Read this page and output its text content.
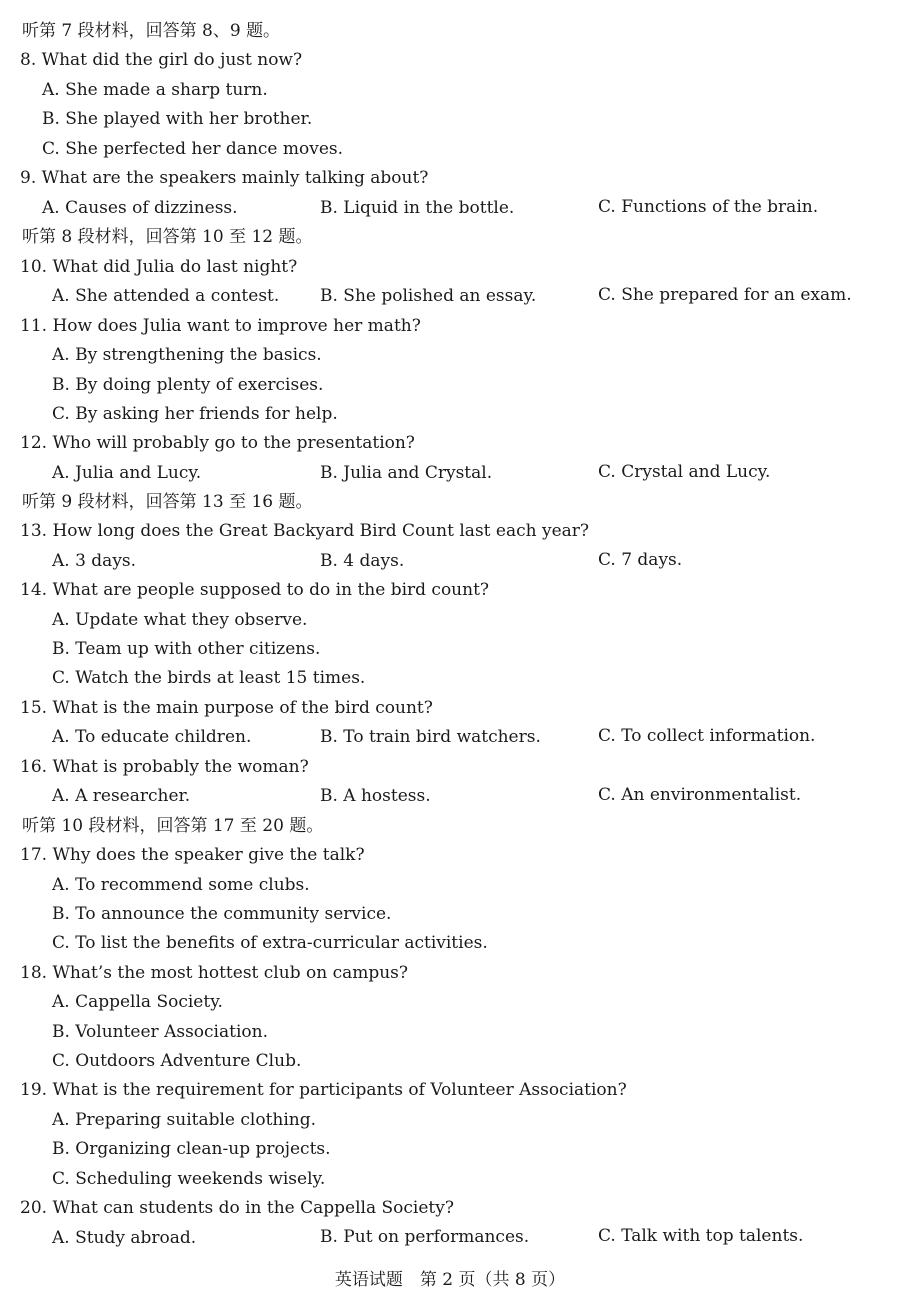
听第 7 段材料，回答第 8、9 题。
8. What did the girl do just now?
A. She made a sharp turn.
B. She played with her brother.
C. She perfected her dance moves.
9. What are the speakers mainly talking about?
A. Causes of dizziness.	B. Liquid in the bottle.	C. Functions of the brain.
听第 8 段材料，回答第 10 至 12 题。
10. What did Julia do last night?
A. She attended a contest. B. She polished an essay.	C. She prepared for an exam.
11. How does Julia want to improve her math?
A. By strengthening the basics.
B. By doing plenty of exercises.
C. By asking her friends for help.
12. Who will probably go to the presentation?
A. Julia and Lucy.	B. Julia and Crystal.	C. Crystal and Lucy.
听第 9 段材料，回答第 13 至 16 题。
13. How long does the Great Backyard Bird Count last each year?
A. 3 days.	B. 4 days.	C. 7 days.
14. What are people supposed to do in the bird count?
A. Update what they observe.
B. Team up with other citizens.
C. Watch the birds at least 15 times.
15. What is the main purpose of the bird count?
A. To educate children.	B. To train bird watchers.	C. To collect information.
16. What is probably the woman?
A. A researcher.	B. A hostess.	C. An environmentalist.
听第 10 段材料，回答第 17 至 20 题。
17. Why does the speaker give the talk?
A. To recommend some clubs.
B. To announce the community service.
C. To list the benefits of extra-curricular activities.
18. What’s the most hottest club on campus?
A. Cappella Society.
B. Volunteer Association.
C. Outdoors Adventure Club.
19. What is the requirement for participants of Volunteer Association?
A. Preparing suitable clothing.
B. Organizing clean-up projects.
C. Scheduling weekends wisely.
20. What can students do in the Cappella Society?
A. Study abroad.	B. Put on performances.	C. Talk with top talents.
英语试题　第 2 页（共 8 页）
